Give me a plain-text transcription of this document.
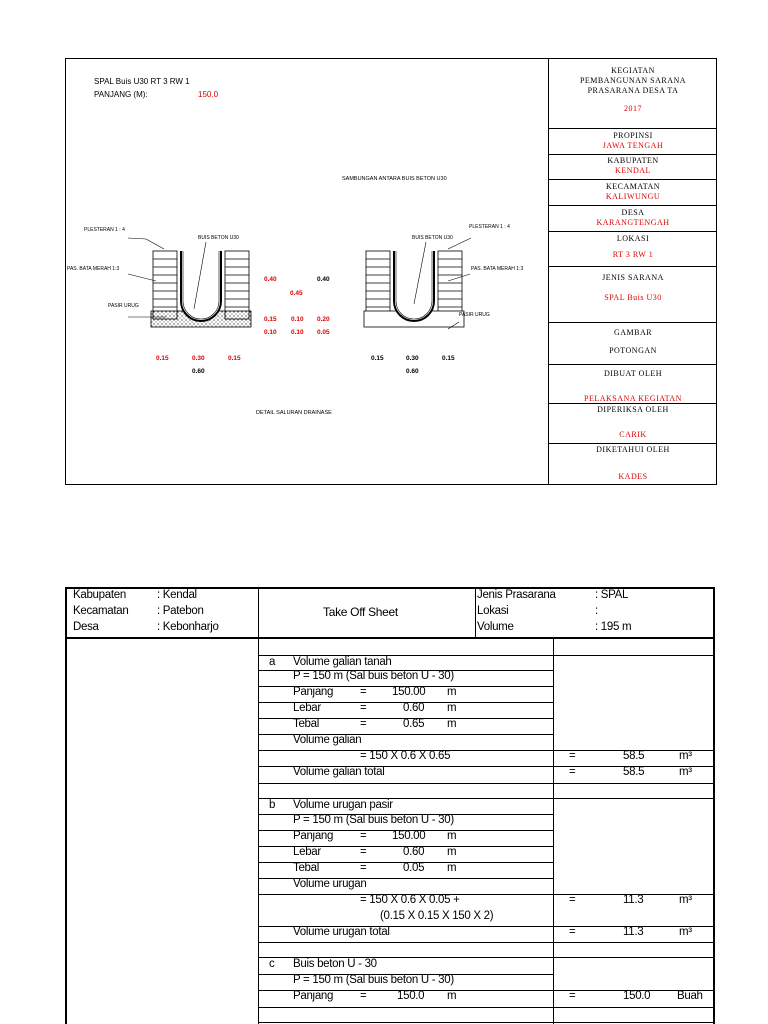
SPAL Buis U30 RT 3 RW 1
PANJANG (M):	150.0
SAMBUNGAN ANTARA BUIS BETON U30
PLESTERAN 1 : 4
BUIS BETON U30
PAS. BATA MERAH 1:3
PASIR URUG
0.40	0.40
0.45
0.15 0.10 0.20
0.10 0.10 0.05
0.15	0.30	0.15
0.60
BUIS BETON U30
PLESTERAN 1 : 4
PAS. BATA MERAH 1:3
PASIR URUG
0.15	0.30	0.15
0.60
DETAIL SALURAN DRAINASE
KEGIATAN
PEMBANGUNAN SARANA
PRASARANA DESA TA
2017
PROPINSI
JAWA TENGAH
KABUPATEN
KENDAL
KECAMATAN
KALIWUNGU
DESA
KARANGTENGAH
LOKASI
RT 3 RW 1
JENIS SARANA
SPAL Buis U30
GAMBAR
POTONGAN
DIBUAT OLEH
PELAKSANA KEGIATAN
DIPERIKSA OLEH
CARIK
DIKETAHUI OLEH
KADES
Kabupaten	: Kendal
Kecamatan : Patebon
Desa	: Kebonharjo
Take Off Sheet
Jenis Prasarana	: SPAL
Lokasi	:
Volume	: 195 m
a Volume galian tanah
P = 150 m (Sal buis beton U - 30)
Panjang = 150.00 m
Lebar	=	0.60 m
Tebal	=	0.65 m
Volume galian
= 150 X 0.6 X 0.65	=	58.5	m³
Volume galian total	=	58.5	m³
b Volume urugan pasir
P = 150 m (Sal buis beton U - 30)
Panjang = 150.00 m
Lebar	=	0.60 m
Tebal	=	0.05 m
Volume urugan
= 150 X 0.6 X 0.05 +	=	11.3	m³
(0.15 X 0.15 X 150 X 2)
Volume urugan total	=	11.3	m³
c Buis beton U - 30
P = 150 m (Sal buis beton U - 30)
Panjang =	150.0 m	=	150.0 Buah
